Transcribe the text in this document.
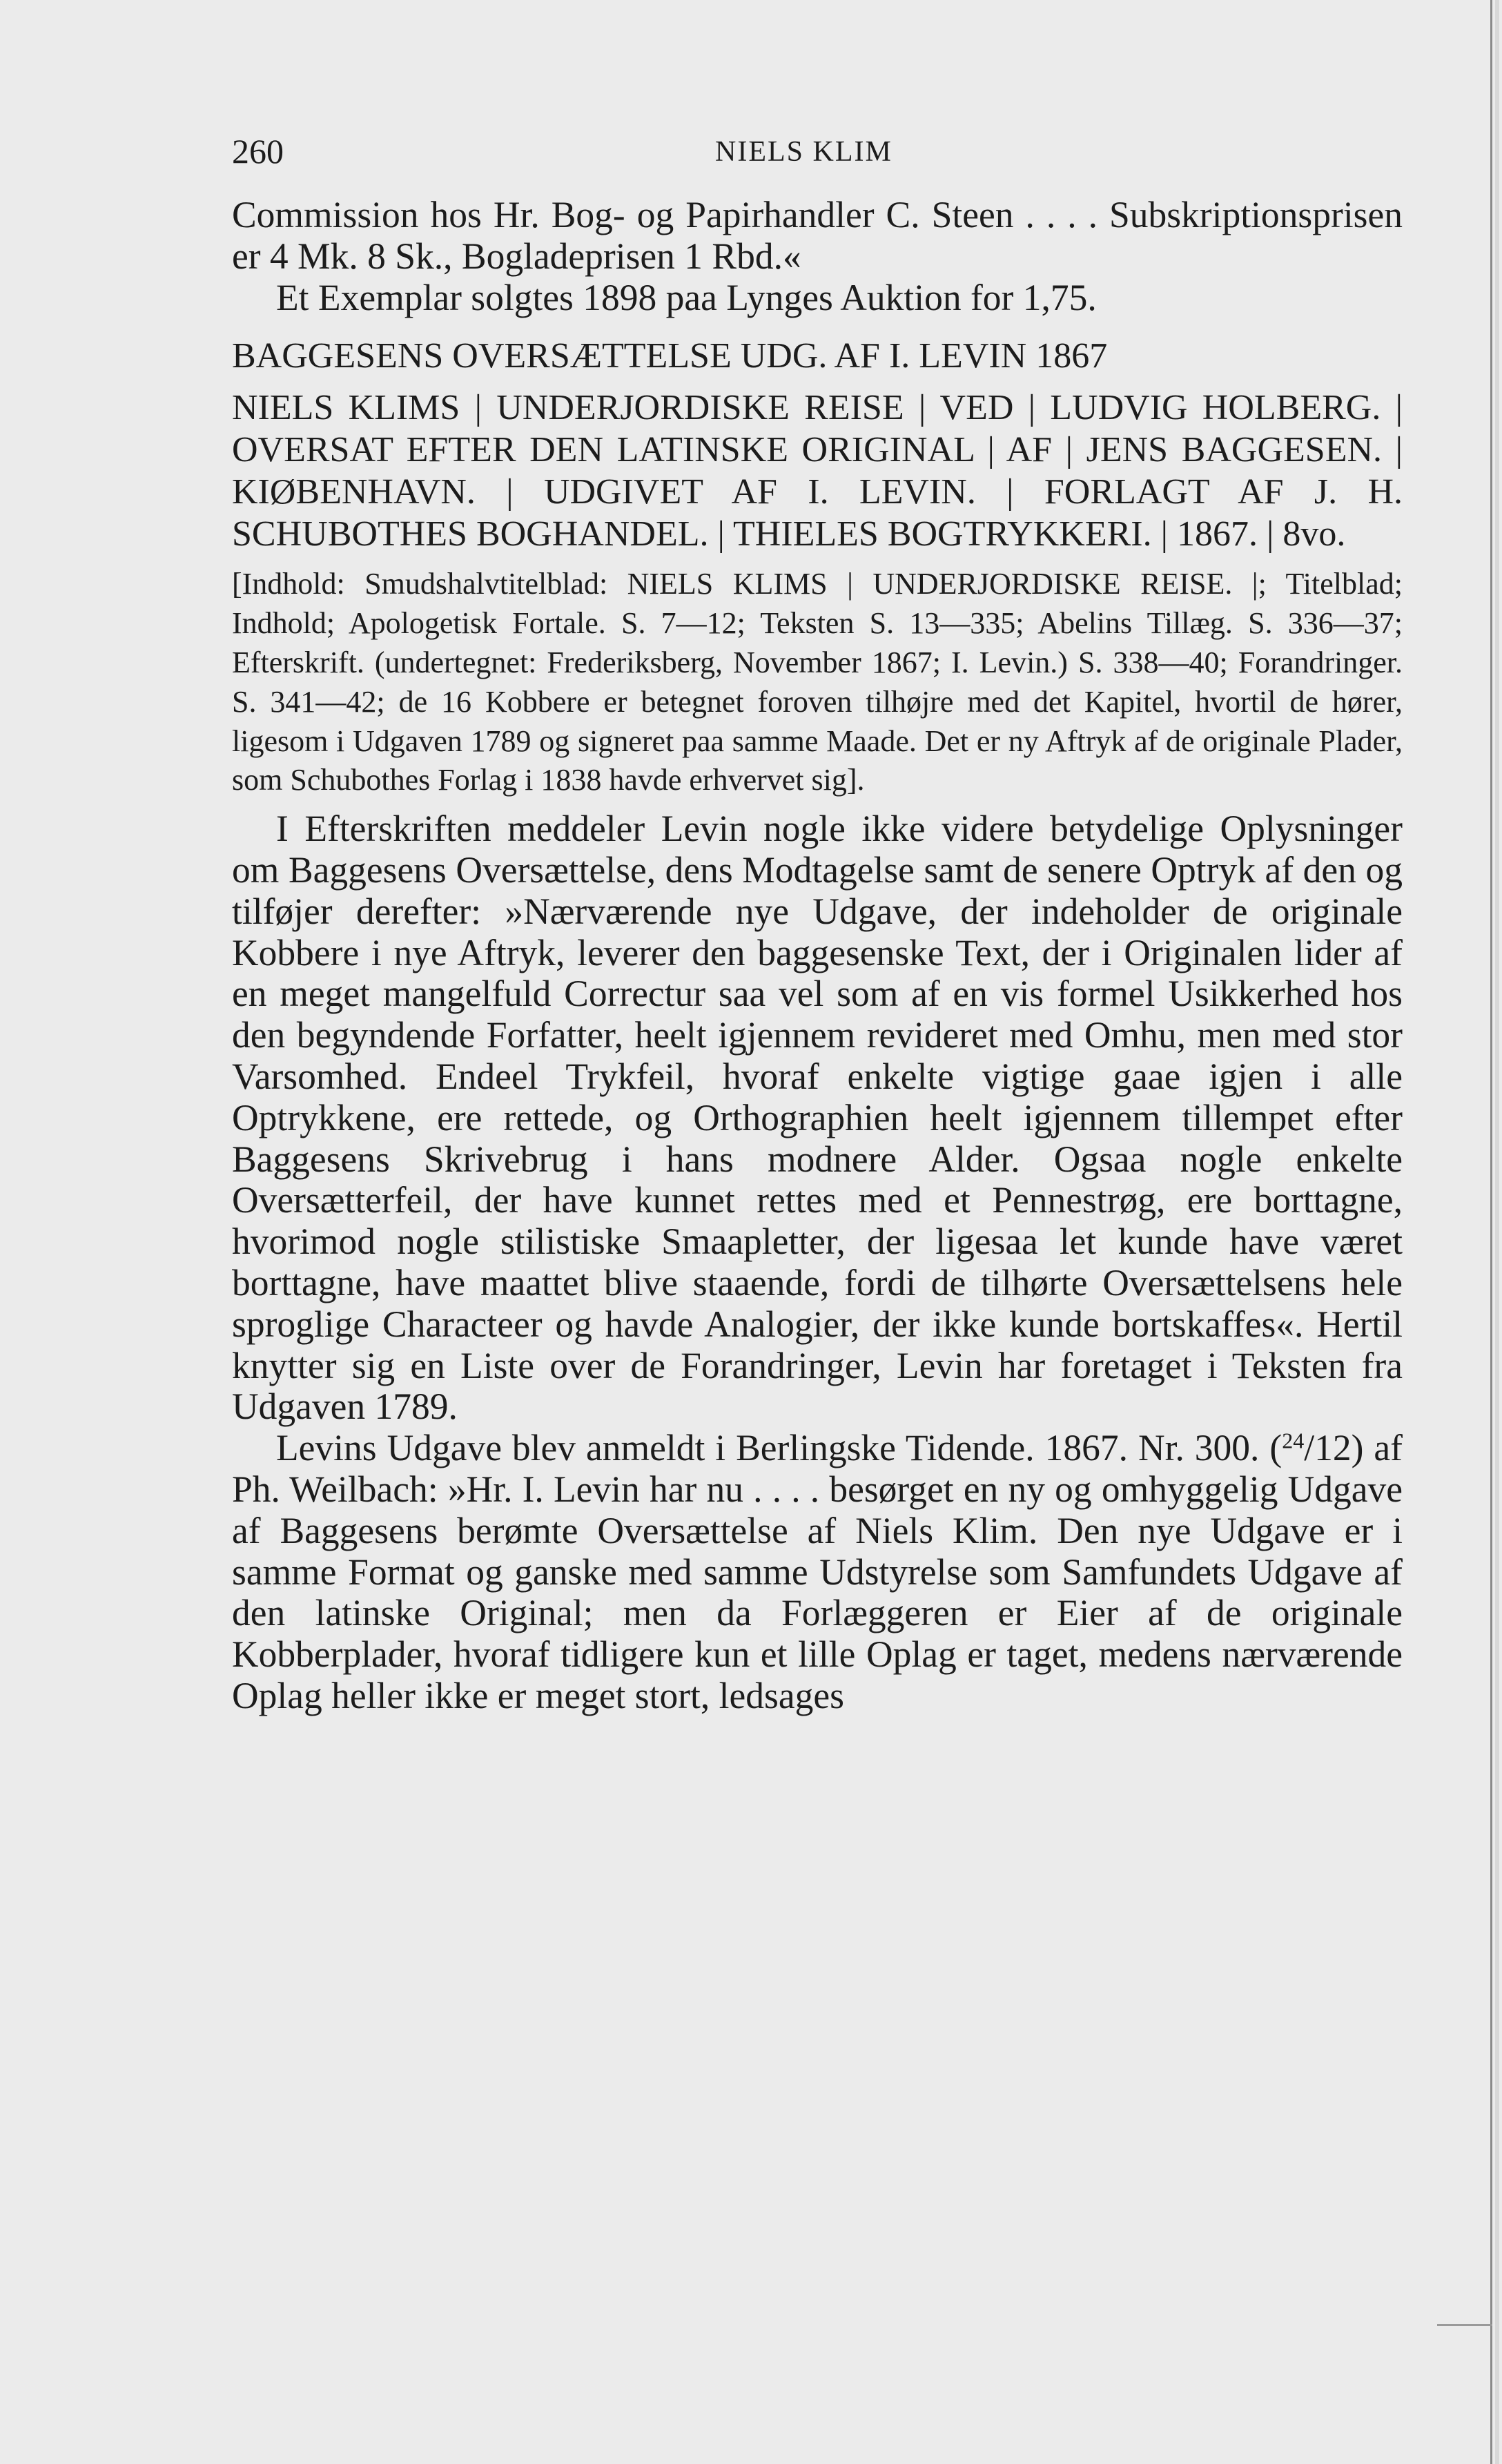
260	NIELS KLIM

Commission hos Hr. Bog- og Papirhandler C. Steen . . . . Subskriptionsprisen er 4 Mk. 8 Sk., Bogladeprisen 1 Rbd.«

Et Exemplar solgtes 1898 paa Lynges Auktion for 1,75.

BAGGESENS OVERSÆTTELSE UDG. AF I. LEVIN 1867

NIELS KLIMS | UNDERJORDISKE REISE | VED | LUDVIG HOLBERG. | OVERSAT EFTER DEN LATINSKE ORIGINAL | AF | JENS BAGGESEN. | KIØBENHAVN. | UDGIVET AF I. LEVIN. | FORLAGT AF J. H. SCHUBOTHES BOGHANDEL. | THIELES BOGTRYKKERI. | 1867. | 8vo.

[Indhold: Smudshalvtitelblad: NIELS KLIMS | UNDERJORDISKE REISE. |; Titelblad; Indhold; Apologetisk Fortale. S. 7—12; Teksten S. 13—335; Abelins Tillæg. S. 336—37; Efterskrift. (undertegnet: Frederiksberg, November 1867; I. Levin.) S. 338—40; Forandringer. S. 341—42; de 16 Kobbere er betegnet foroven tilhøjre med det Kapitel, hvortil de hører, ligesom i Udgaven 1789 og signeret paa samme Maade. Det er ny Aftryk af de originale Plader, som Schubothes Forlag i 1838 havde erhvervet sig].

I Efterskriften meddeler Levin nogle ikke videre betydelige Oplysninger om Baggesens Oversættelse, dens Modtagelse samt de senere Optryk af den og tilføjer derefter: »Nærværende nye Udgave, der indeholder de originale Kobbere i nye Aftryk, leverer den baggesenske Text, der i Originalen lider af en meget mangelfuld Correctur saa vel som af en vis formel Usikkerhed hos den begyndende Forfatter, heelt igjennem revideret med Omhu, men med stor Varsomhed. Endeel Trykfeil, hvoraf enkelte vigtige gaae igjen i alle Optrykkene, ere rettede, og Orthographien heelt igjennem tillempet efter Baggesens Skrivebrug i hans modnere Alder. Ogsaa nogle enkelte Oversætterfeil, der have kunnet rettes med et Pennestrøg, ere borttagne, hvorimod nogle stilistiske Smaapletter, der ligesaa let kunde have været borttagne, have maattet blive staaende, fordi de tilhørte Oversættelsens hele sproglige Characteer og havde Analogier, der ikke kunde bortskaffes«. Hertil knytter sig en Liste over de Forandringer, Levin har foretaget i Teksten fra Udgaven 1789.

Levins Udgave blev anmeldt i Berlingske Tidende. 1867. Nr. 300. ($^{24}$/12) af Ph. Weilbach: »Hr. I. Levin har nu . . . . besørget en ny og omhyggelig Udgave af Baggesens berømte Oversættelse af Niels Klim. Den nye Udgave er i samme Format og ganske med samme Udstyrelse som Samfundets Udgave af den latinske Original; men da Forlæggeren er Eier af de originale Kobberplader, hvoraf tidligere kun et lille Oplag er taget, medens nærværende Oplag heller ikke er meget stort, ledsages
